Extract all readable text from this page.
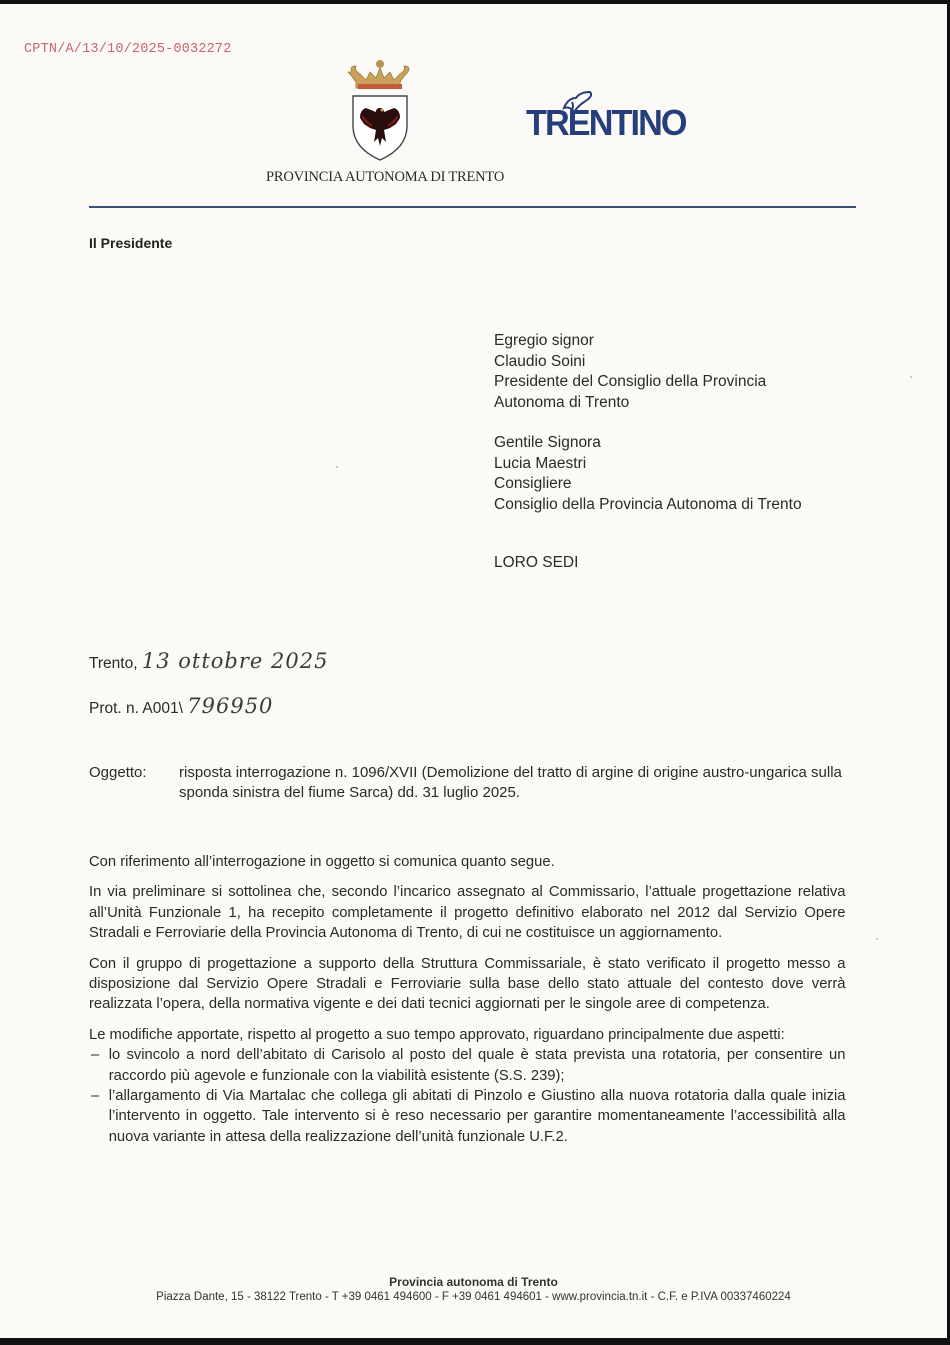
CPTN/A/13/10/2025-0032272
PROVINCIA AUTONOMA DI TRENTO
TRENTINO
Il Presidente
Egregio signor
Claudio Soini
Presidente del Consiglio della Provincia
Autonoma di Trento
Gentile Signora
Lucia Maestri
Consigliere
Consiglio della Provincia Autonoma di Trento
LORO SEDI
Trento, 13 ottobre 2025
Prot. n. A001\ 796950
Oggetto:	risposta interrogazione n. 1096/XVII (Demolizione del tratto di argine di origine austro-ungarica sulla sponda sinistra del fiume Sarca) dd. 31 luglio 2025.

Con riferimento all’interrogazione in oggetto si comunica quanto segue.

In via preliminare si sottolinea che, secondo l’incarico assegnato al Commissario, l’attuale progettazione relativa all’Unità Funzionale 1, ha recepito completamente il progetto definitivo elaborato nel 2012 dal Servizio Opere Stradali e Ferroviarie della Provincia Autonoma di Trento, di cui ne costituisce un aggiornamento.

Con il gruppo di progettazione a supporto della Struttura Commissariale, è stato verificato il progetto messo a disposizione dal Servizio Opere Stradali e Ferroviarie sulla base dello stato attuale del contesto dove verrà realizzata l’opera, della normativa vigente e dei dati tecnici aggiornati per le singole aree di competenza.

Le modifiche apportate, rispetto al progetto a suo tempo approvato, riguardano principalmente due aspetti:

– lo svincolo a nord dell’abitato di Carisolo al posto del quale è stata prevista una rotatoria, per consentire un raccordo più agevole e funzionale con la viabilità esistente (S.S. 239);
– l’allargamento di Via Martalac che collega gli abitati di Pinzolo e Giustino alla nuova rotatoria dalla quale inizia l’intervento in oggetto. Tale intervento si è reso necessario per garantire momentaneamente l’accessibilità alla nuova variante in attesa della realizzazione dell’unità funzionale U.F.2.
Provincia autonoma di Trento
Piazza Dante, 15 - 38122 Trento - T +39 0461 494600 - F +39 0461 494601 - www.provincia.tn.it - C.F. e P.IVA 00337460224
